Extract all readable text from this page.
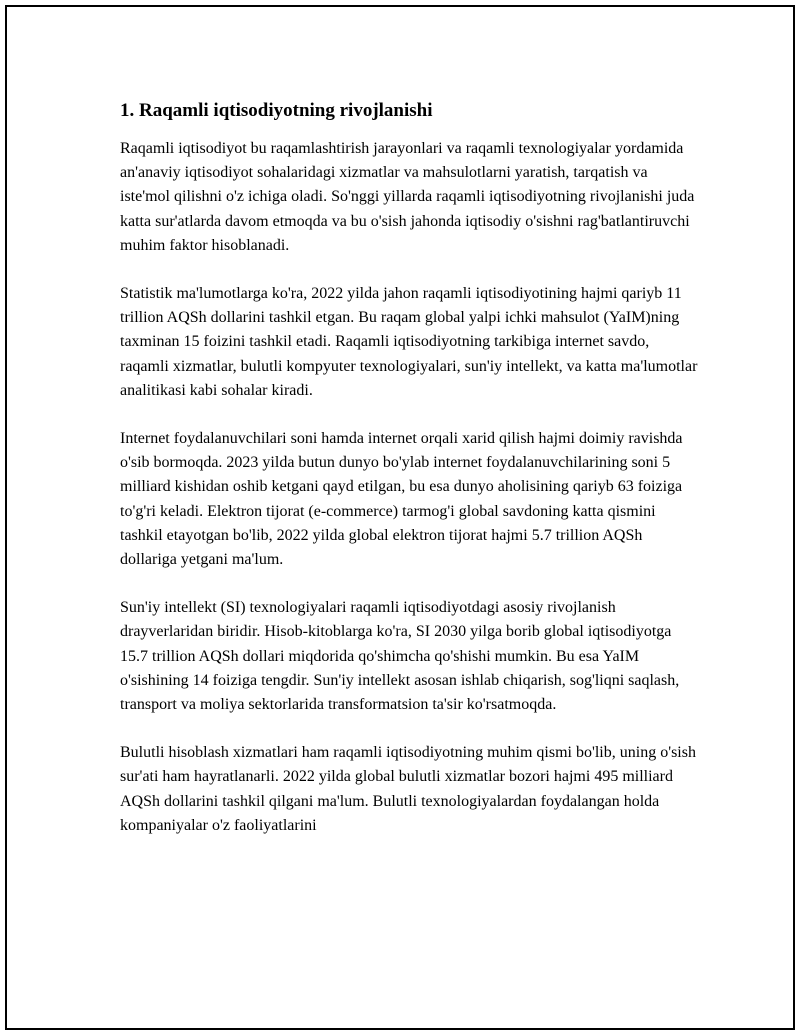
1. Raqamli iqtisodiyotning rivojlanishi

Raqamli iqtisodiyot bu raqamlashtirish jarayonlari va raqamli texnologiyalar yordamida an'anaviy iqtisodiyot sohalaridagi xizmatlar va mahsulotlarni yaratish, tarqatish va iste'mol qilishni o'z ichiga oladi. So'nggi yillarda raqamli iqtisodiyotning rivojlanishi juda katta sur'atlarda davom etmoqda va bu o'sish jahonda iqtisodiy o'sishni rag'batlantiruvchi muhim faktor hisoblanadi.

Statistik ma'lumotlarga ko'ra, 2022 yilda jahon raqamli iqtisodiyotining hajmi qariyb 11 trillion AQSh dollarini tashkil etgan. Bu raqam global yalpi ichki mahsulot (YaIM)ning taxminan 15 foizini tashkil etadi. Raqamli iqtisodiyotning tarkibiga internet savdo, raqamli xizmatlar, bulutli kompyuter texnologiyalari, sun'iy intellekt, va katta ma'lumotlar analitikasi kabi sohalar kiradi.

Internet foydalanuvchilari soni hamda internet orqali xarid qilish hajmi doimiy ravishda o'sib bormoqda. 2023 yilda butun dunyo bo'ylab internet foydalanuvchilarining soni 5 milliard kishidan oshib ketgani qayd etilgan, bu esa dunyo aholisining qariyb 63 foiziga to'g'ri keladi. Elektron tijorat (e-commerce) tarmog'i global savdoning katta qismini tashkil etayotgan bo'lib, 2022 yilda global elektron tijorat hajmi 5.7 trillion AQSh dollariga yetgani ma'lum.

Sun'iy intellekt (SI) texnologiyalari raqamli iqtisodiyotdagi asosiy rivojlanish drayverlaridan biridir. Hisob-kitoblarga ko'ra, SI 2030 yilga borib global iqtisodiyotga 15.7 trillion AQSh dollari miqdorida qo'shimcha qo'shishi mumkin. Bu esa YaIM o'sishining 14 foiziga tengdir. Sun'iy intellekt asosan ishlab chiqarish, sog'liqni saqlash, transport va moliya sektorlarida transformatsion ta'sir ko'rsatmoqda.

Bulutli hisoblash xizmatlari ham raqamli iqtisodiyotning muhim qismi bo'lib, uning o'sish sur'ati ham hayratlanarli. 2022 yilda global bulutli xizmatlar bozori hajmi 495 milliard AQSh dollarini tashkil qilgani ma'lum. Bulutli texnologiyalardan foydalangan holda kompaniyalar o'z faoliyatlarini
